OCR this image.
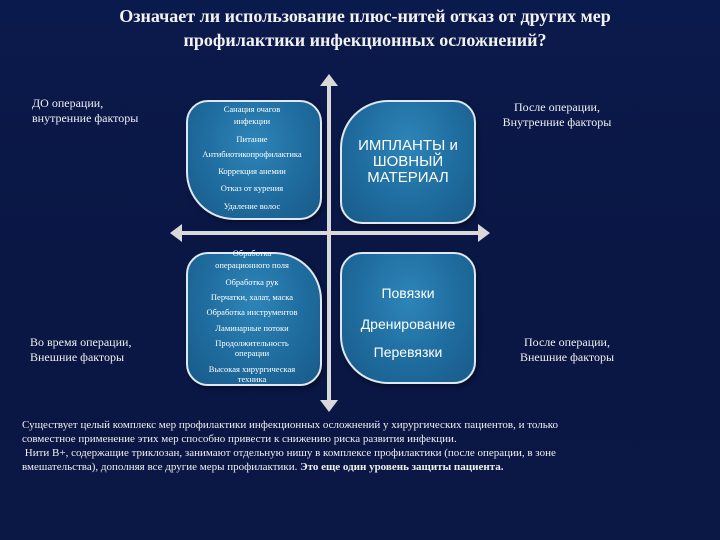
Означает ли использование плюс-нитей отказ от других мер профилактики инфекционных осложнений?
ДО операции, внутренние факторы
После операции, Внутренние факторы
Во время операции, Внешние факторы
После операции, Внешние факторы
Санация очагов
инфекции
Питание
Антибиотикопрофилактика
Коррекция анемии
Отказ от курения
Удаление волос
ИМПЛАНТЫ и ШОВНЫЙ МАТЕРИАЛ
Обработка
операционного поля
Обработка рук
Перчатки, халат, маска
Обработка инструментов
Ламинарные потоки
Продолжительность
операции
Высокая хирургическая
техника
Повязки
Дренирование
Перевязки

Существует целый комплекс мер профилактики инфекционных осложнений у хирургических пациентов, и только совместное применение этих мер способно привести к снижению риска развития инфекции.

Нити В+, содержащие триклозан, занимают отдельную нишу в комплексе профилактики (после операции, в зоне вмешательства), дополняя все другие меры профилактики. Это еще один уровень защиты пациента.
